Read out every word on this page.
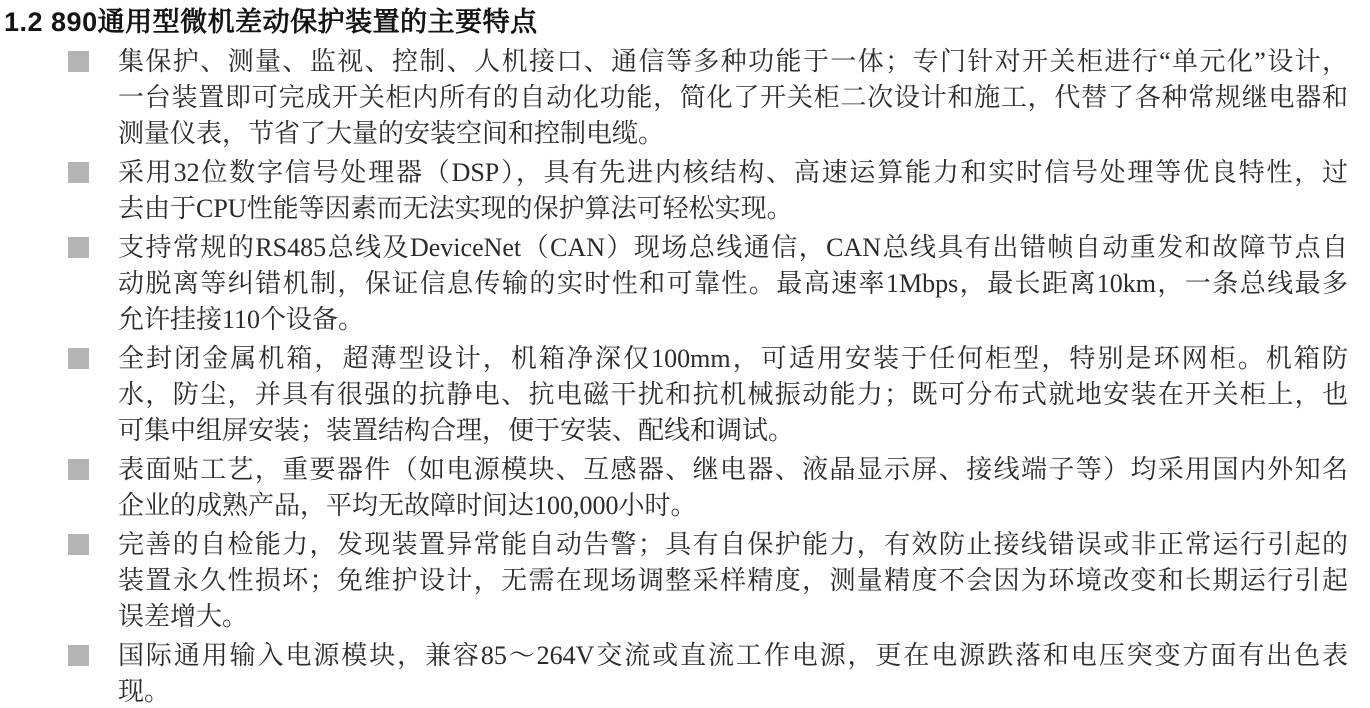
1.2 890通用型微机差动保护装置的主要特点
集保护、测量、监视、控制、人机接口、通信等多种功能于一体；专门针对开关柜进行“单元化”设计，
一台装置即可完成开关柜内所有的自动化功能，简化了开关柜二次设计和施工，代替了各种常规继电器和
测量仪表，节省了大量的安装空间和控制电缆。
采用32位数字信号处理器（DSP），具有先进内核结构、高速运算能力和实时信号处理等优良特性，过
去由于CPU性能等因素而无法实现的保护算法可轻松实现。
支持常规的RS485总线及DeviceNet（CAN）现场总线通信，CAN总线具有出错帧自动重发和故障节点自
动脱离等纠错机制，保证信息传输的实时性和可靠性。最高速率1Mbps，最长距离10km，一条总线最多
允许挂接110个设备。
全封闭金属机箱，超薄型设计，机箱净深仅100mm，可适用安装于任何柜型，特别是环网柜。机箱防
水，防尘，并具有很强的抗静电、抗电磁干扰和抗机械振动能力；既可分布式就地安装在开关柜上，也
可集中组屏安装；装置结构合理，便于安装、配线和调试。
表面贴工艺，重要器件（如电源模块、互感器、继电器、液晶显示屏、接线端子等）均采用国内外知名
企业的成熟产品，平均无故障时间达100,000小时。
完善的自检能力，发现装置异常能自动告警；具有自保护能力，有效防止接线错误或非正常运行引起的
装置永久性损坏；免维护设计，无需在现场调整采样精度，测量精度不会因为环境改变和长期运行引起
误差增大。
国际通用输入电源模块，兼容85～264V交流或直流工作电源，更在电源跌落和电压突变方面有出色表
现。
